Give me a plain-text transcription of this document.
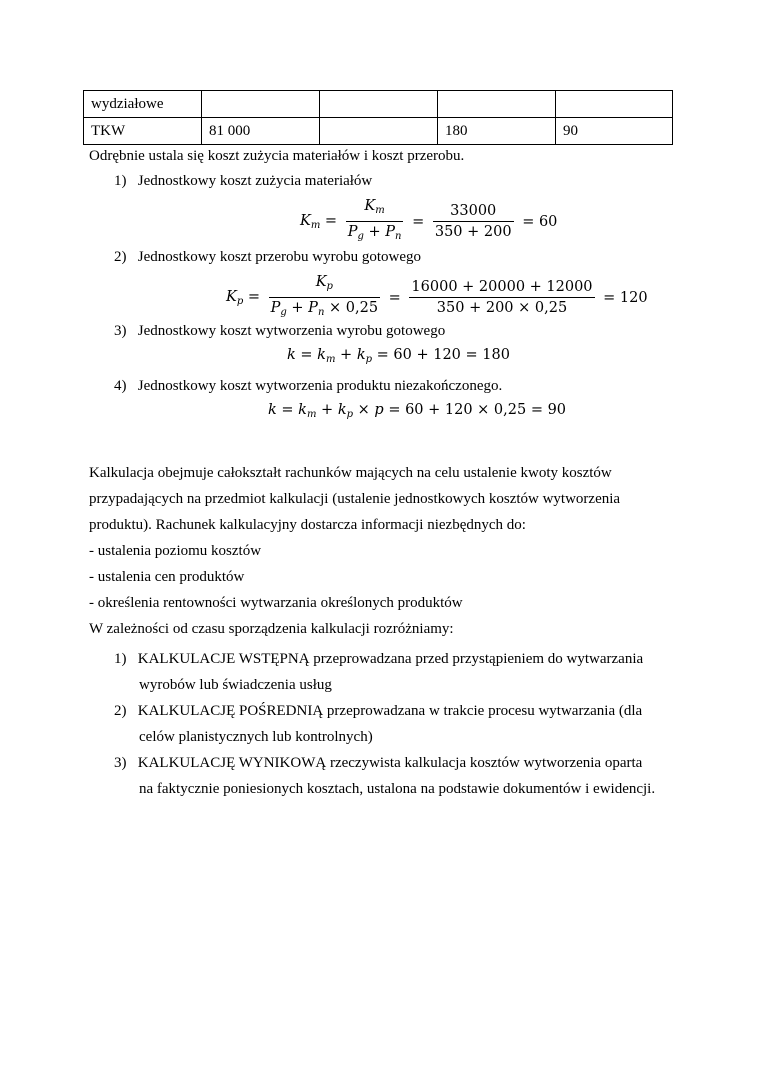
wydziałowe				
TKW	81 000		180	90
Odrębnie ustala się koszt zużycia materiałów i koszt przerobu.
1) Jednostkowy koszt zużycia materiałów
$K_m = \frac{K_m}{P_g + P_n} = \frac{33000}{350 + 200} = 60$
2) Jednostkowy koszt przerobu wyrobu gotowego
$K_p = \frac{K_p}{P_g + P_n \times 0,25} = \frac{16000 + 20000 + 12000}{350 + 200 \times 0,25} = 120$
3) Jednostkowy koszt wytworzenia wyrobu gotowego
$k = k_m + k_p = 60 + 120 = 180$
4) Jednostkowy koszt wytworzenia produktu niezakończonego.
$k = k_m + k_p \times p = 60 + 120 \times 0,25 = 90$
Kalkulacja obejmuje całokształt rachunków mających na celu ustalenie kwoty kosztów
przypadających na przedmiot kalkulacji (ustalenie jednostkowych kosztów wytworzenia
produktu). Rachunek kalkulacyjny dostarcza informacji niezbędnych do:
- ustalenia poziomu kosztów
- ustalenia cen produktów
- określenia rentowności wytwarzania określonych produktów
W zależności od czasu sporządzenia kalkulacji rozróżniamy:
1) KALKULACJE WSTĘPNĄ przeprowadzana przed przystąpieniem do wytwarzania
wyrobów lub świadczenia usług
2) KALKULACJĘ POŚREDNIĄ przeprowadzana w trakcie procesu wytwarzania (dla
celów planistycznych lub kontrolnych)
3) KALKULACJĘ WYNIKOWĄ rzeczywista kalkulacja kosztów wytworzenia oparta
na faktycznie poniesionych kosztach, ustalona na podstawie dokumentów i ewidencji.
